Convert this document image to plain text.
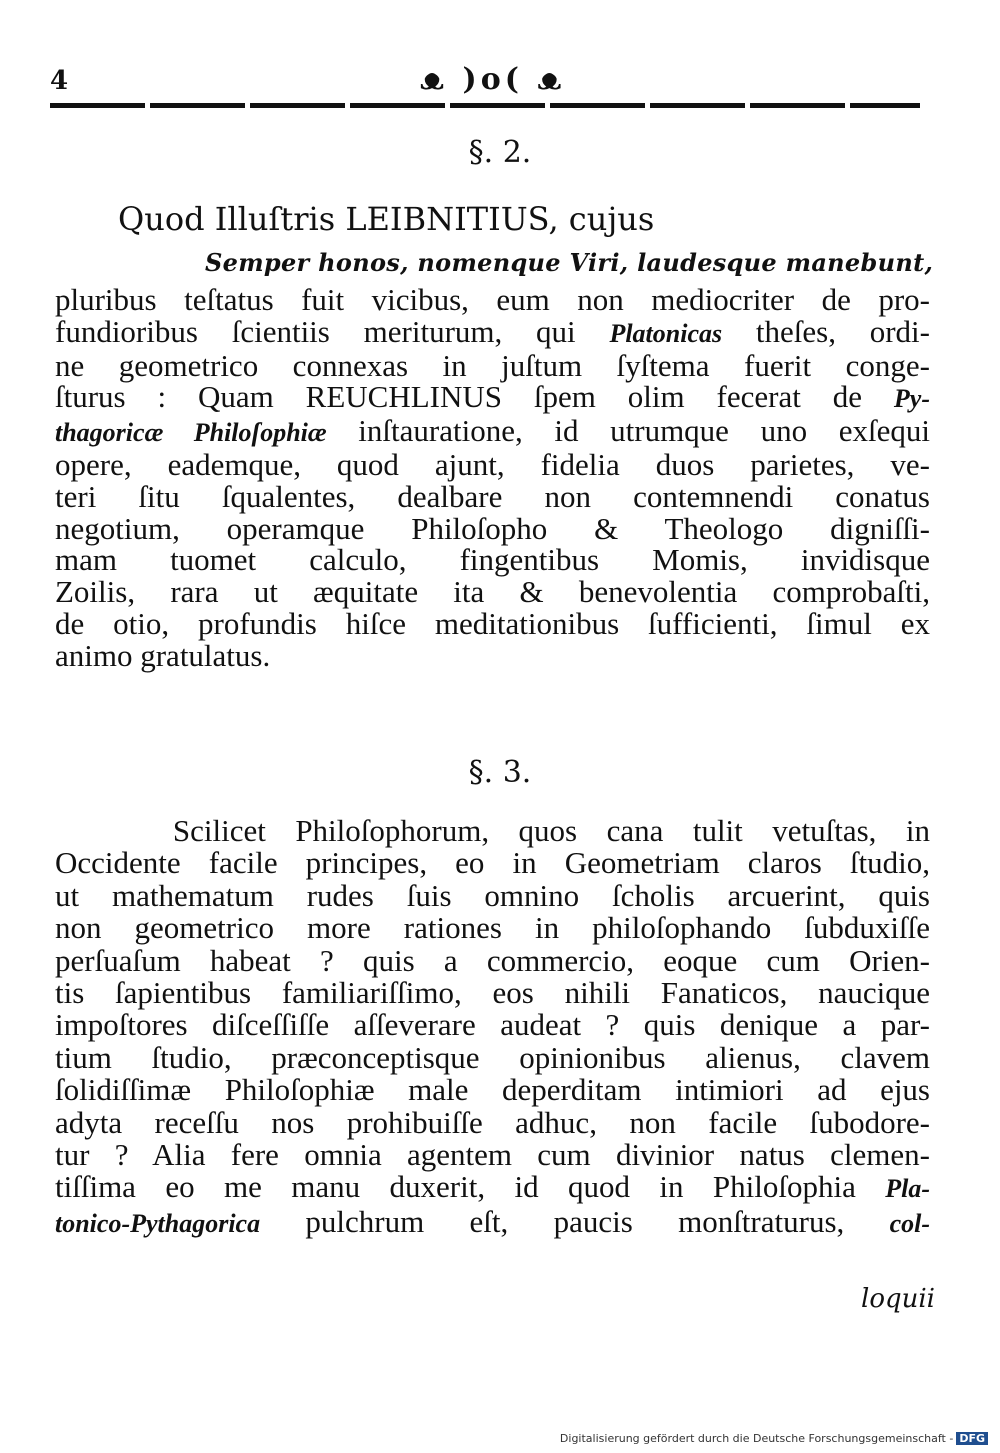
4	ᴥ )o( ᴥ
§. 2.
Quod Illuſtris LEIBNITIUS, cujus
Semper honos, nomenque Viri, laudesque manebunt,

pluribus teſtatus fuit vicibus, eum non mediocriter de pro-
fundioribus ſcientiis meriturum, qui Platonicas theſes, ordi-
ne geometrico connexas in juſtum ſyſtema fuerit conge-
ſturus : Quam REUCHLINUS ſpem olim fecerat de Py-
thagoricæ Philoſophiæ inſtauratione, id utrumque uno exſequi
opere, eademque, quod ajunt, fidelia duos parietes, ve-
teri ſitu ſqualentes, dealbare non contemnendi conatus
negotium, operamque Philoſopho & Theologo digniſſi-
mam tuomet calculo, fingentibus Momis, invidisque
Zoilis, rara ut æquitate ita & benevolentia comprobaſti,
de otio, profundis hiſce meditationibus ſufficienti, ſimul ex
animo gratulatus.

§. 3.

Scilicet Philoſophorum, quos cana tulit vetuſtas, in
Occidente facile principes, eo in Geometriam claros ſtudio,
ut mathematum rudes ſuis omnino ſcholis arcuerint, quis
non geometrico more rationes in philoſophando ſubduxiſſe
perſuaſum habeat ? quis a commercio, eoque cum Orien-
tis ſapientibus familiariſſimo, eos nihili Fanaticos, naucique
impoſtores diſceſſiſſe aſſeverare audeat ? quis denique a par-
tium ſtudio, præconceptisque opinionibus alienus, clavem
ſolidiſſimæ Philoſophiæ male deperditam intimiori ad ejus
adyta receſſu nos prohibuiſſe adhuc, non facile ſubodore-
tur ? Alia fere omnia agentem cum divinior natus clemen-
tiſſima eo me manu duxerit, id quod in Philoſophia Pla-
tonico-Pythagorica pulchrum eſt, paucis monſtraturus, col-

loquii
Digitalisierung gefördert durch die Deutsche Forschungsgemeinschaft - DFG
